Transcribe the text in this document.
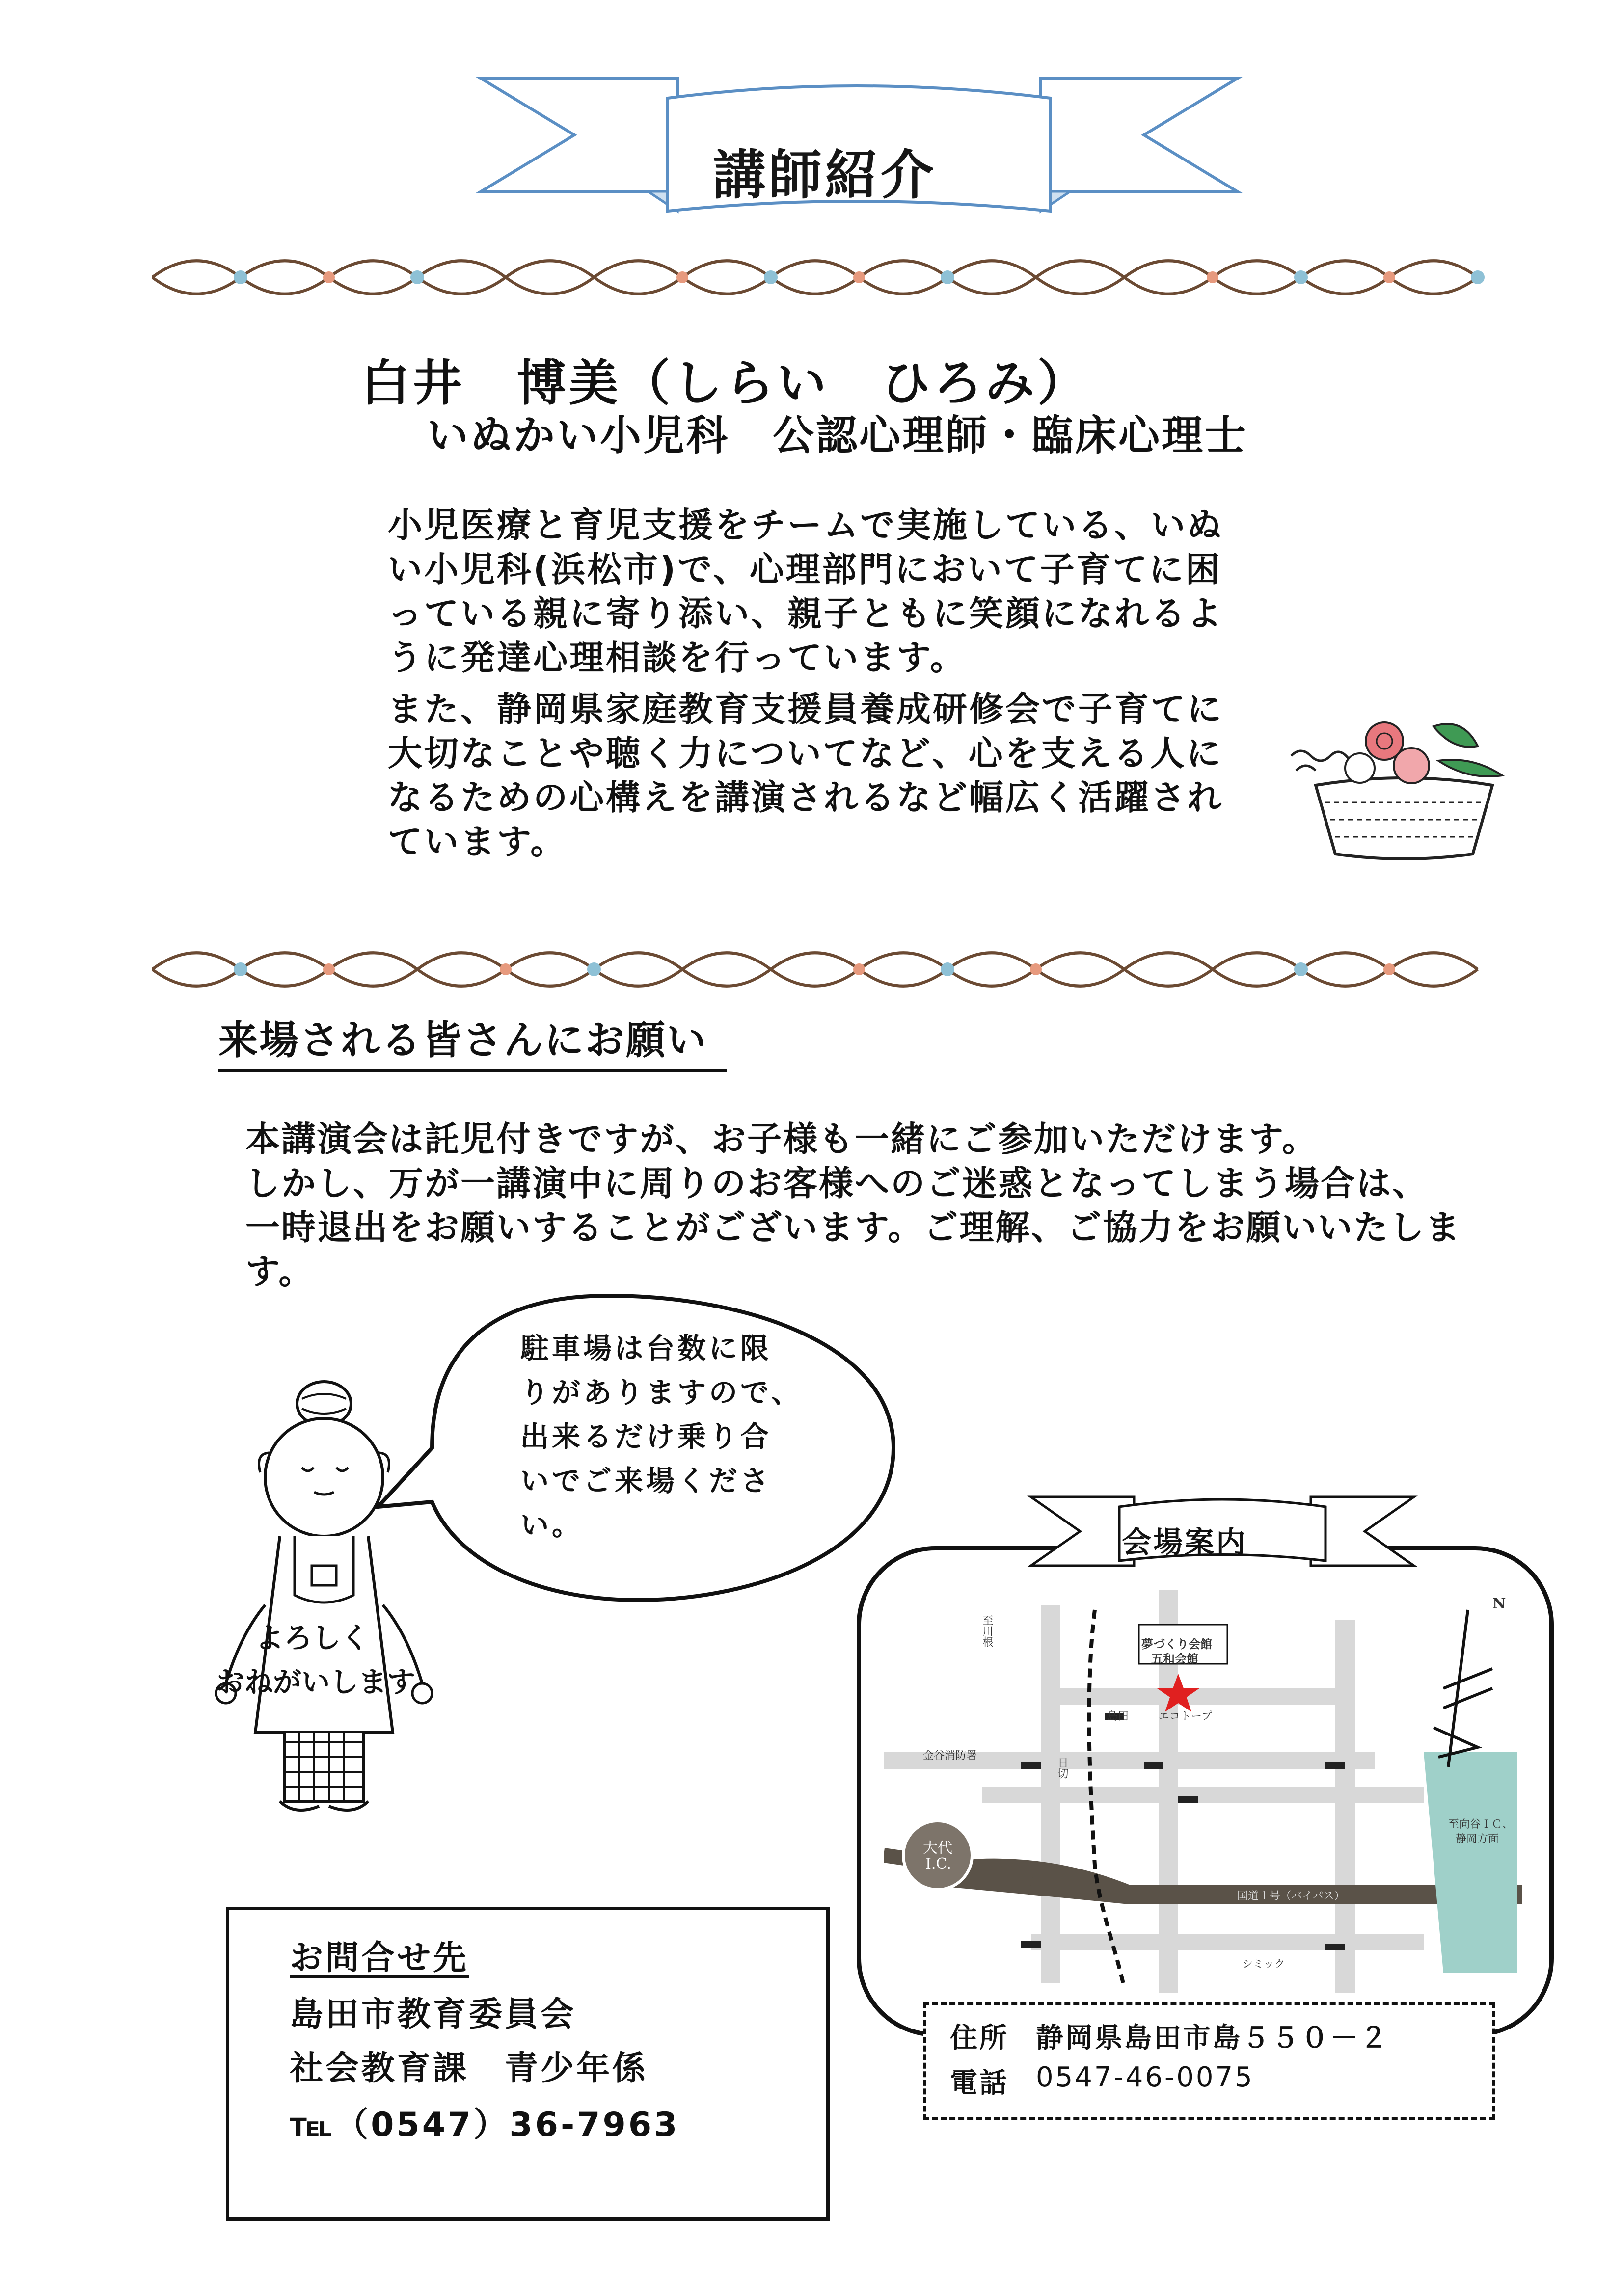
講師紹介
白井　博美（しらい　ひろみ）
いぬかい小児科　公認心理師・臨床心理士
小児医療と育児支援をチームで実施している、いぬ
い小児科(浜松市)で、心理部門において子育てに困
っている親に寄り添い、親子ともに笑顔になれるよ
うに発達心理相談を行っています。
また、静岡県家庭教育支援員養成研修会で子育てに
大切なことや聴く力についてなど、心を支える人に
なるための心構えを講演されるなど幅広く活躍され
ています。
来場される皆さんにお願い
本講演会は託児付きですが、お子様も一緒にご参加いただけます。
しかし、万が一講演中に周りのお客様へのご迷惑となってしまう場合は、
一時退出をお願いすることがございます。ご理解、ご協力をお願いいたしま
す。
駐車場は台数に限
りがありますので、
出来るだけ乗り合
いでご来場くださ
い。
よろしく
おねがいします
お問合せ先
島田市教育委員会
社会教育課　青少年係
℡（0547）36-7963
会場案内
夢づくり会館
五和会館
至川根
島田	エコトープ
金谷消防署
日切
大代
I.C.
国道１号（バイパス）
至向谷ＩＣ、
静岡方面
シミック
N
住所 静岡県島田市島５５０－２
電話 0547-46-0075
